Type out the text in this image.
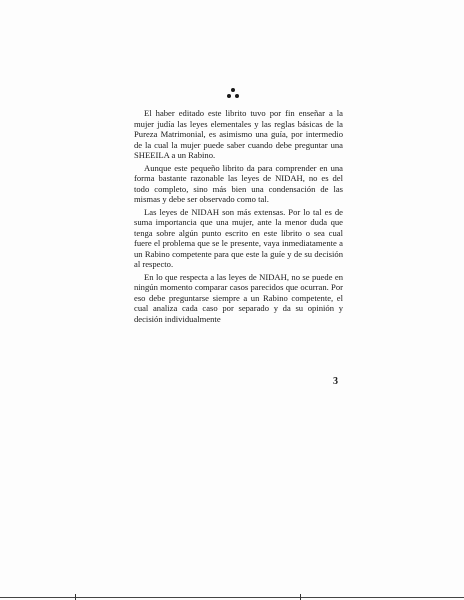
El haber editado este librito tuvo por fin enseñar a la mujer judía las leyes elementales y las reglas básicas de la Pureza Matrimonial, es asimismo una guía, por intermedio de la cual la mujer puede saber cuando debe preguntar una SHEEILA a un Rabino.

Aunque este pequeño librito da para comprender en una forma bastante razonable las leyes de NIDAH, no es del todo completo, sino más bien una condensación de las mismas y debe ser observado como tal.

Las leyes de NIDAH son más extensas. Por lo tal es de suma importancia que una mujer, ante la menor duda que tenga sobre algún punto escrito en este librito o sea cual fuere el problema que se le presente, vaya inmediatamente a un Rabino competente para que este la guíe y de su decisión al respecto.

En lo que respecta a las leyes de NIDAH, no se puede en ningún momento comparar casos parecidos que ocurran. Por eso debe preguntarse siempre a un Rabino competente, el cual analiza cada caso por separado y da su opinión y decisión individualmente

3
